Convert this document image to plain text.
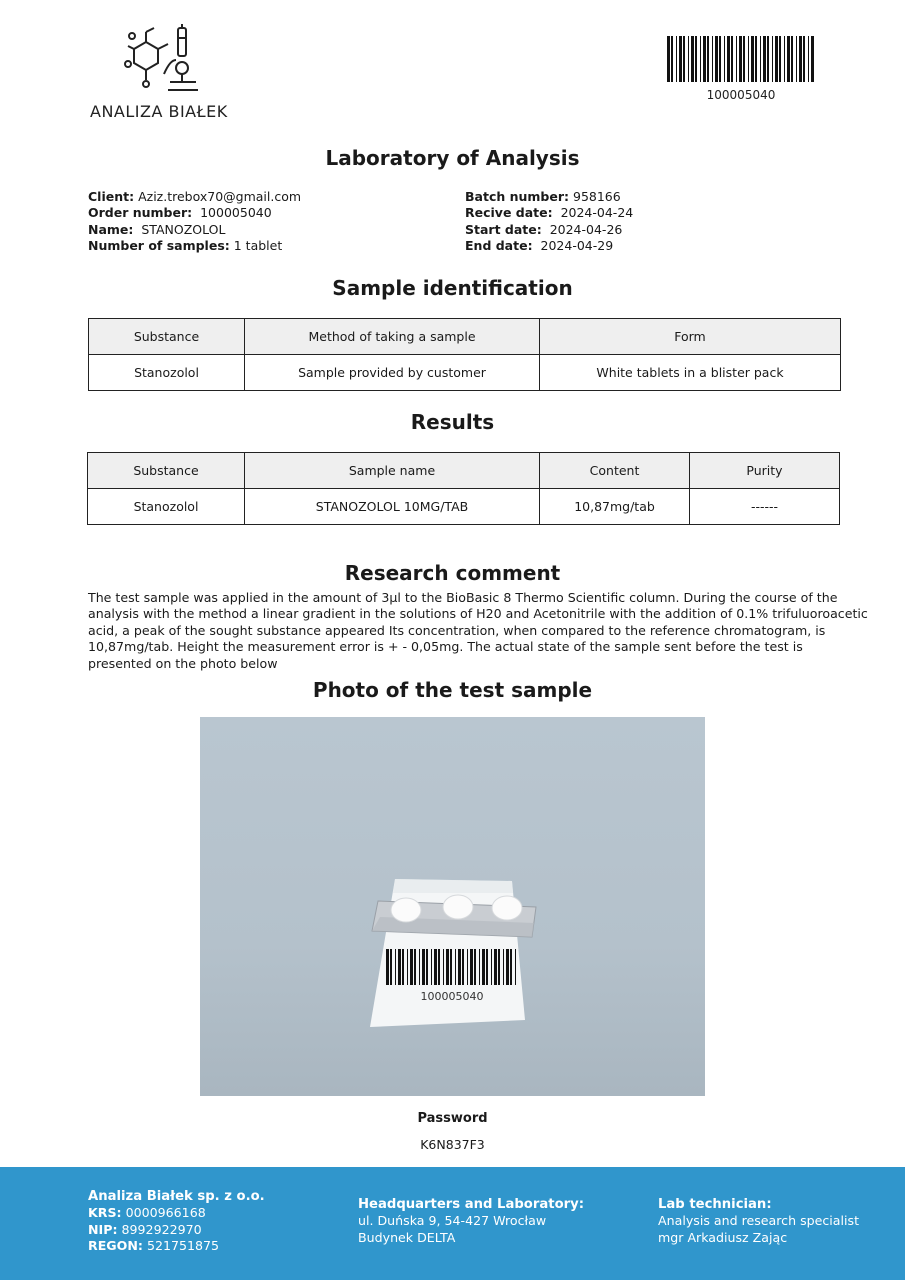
ANALIZA BIAŁEK
100005040
Laboratory of Analysis
Client: Aziz.trebox70@gmail.com
Order number: 100005040
Name: STANOZOLOL
Number of samples: 1 tablet
Batch number: 958166
Recive date: 2024-04-24
Start date: 2024-04-26
End date: 2024-04-29
Sample identification
Substance	Method of taking a sample	Form
Stanozolol	Sample provided by customer	White tablets in a blister pack
Results
Substance	Sample name	Content	Purity
Stanozolol	STANOZOLOL 10MG/TAB	10,87mg/tab	------
Research comment
The test sample was applied in the amount of 3µl to the BioBasic 8 Thermo Scientific column. During the course of the analysis with the method a linear gradient in the solutions of H20 and Acetonitrile with the addition of 0.1% trifuluoroacetic acid, a peak of the sought substance appeared Its concentration, when compared to the reference chromatogram, is 10,87mg/tab. Height the measurement error is + - 0,05mg. The actual state of the sample sent before the test is presented on the photo below
Photo of the test sample
100005040
Password
K6N837F3
Analiza Białek sp. z o.o.
KRS: 0000966168
NIP: 8992922970
REGON: 521751875
Headquarters and Laboratory:
ul. Duńska 9, 54-427 Wrocław
Budynek DELTA
Lab technician:
Analysis and research specialist
mgr Arkadiusz Zając
